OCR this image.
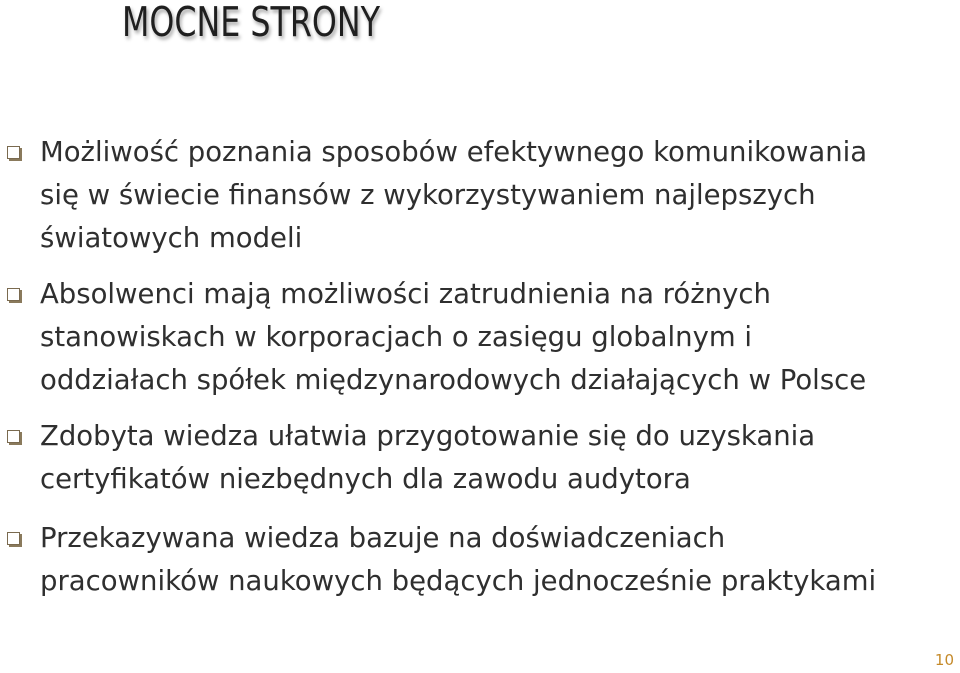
MOCNE STRONY

Możliwość poznania sposobów efektywnego komunikowania
się w świecie finansów z wykorzystywaniem najlepszych
światowych modeli

Absolwenci mają możliwości zatrudnienia na różnych
stanowiskach w korporacjach o zasięgu globalnym i
oddziałach spółek międzynarodowych działających w Polsce

Zdobyta wiedza ułatwia przygotowanie się do uzyskania
certyfikatów niezbędnych dla zawodu audytora

Przekazywana wiedza bazuje na doświadczeniach
pracowników naukowych będących jednocześnie praktykami

10
